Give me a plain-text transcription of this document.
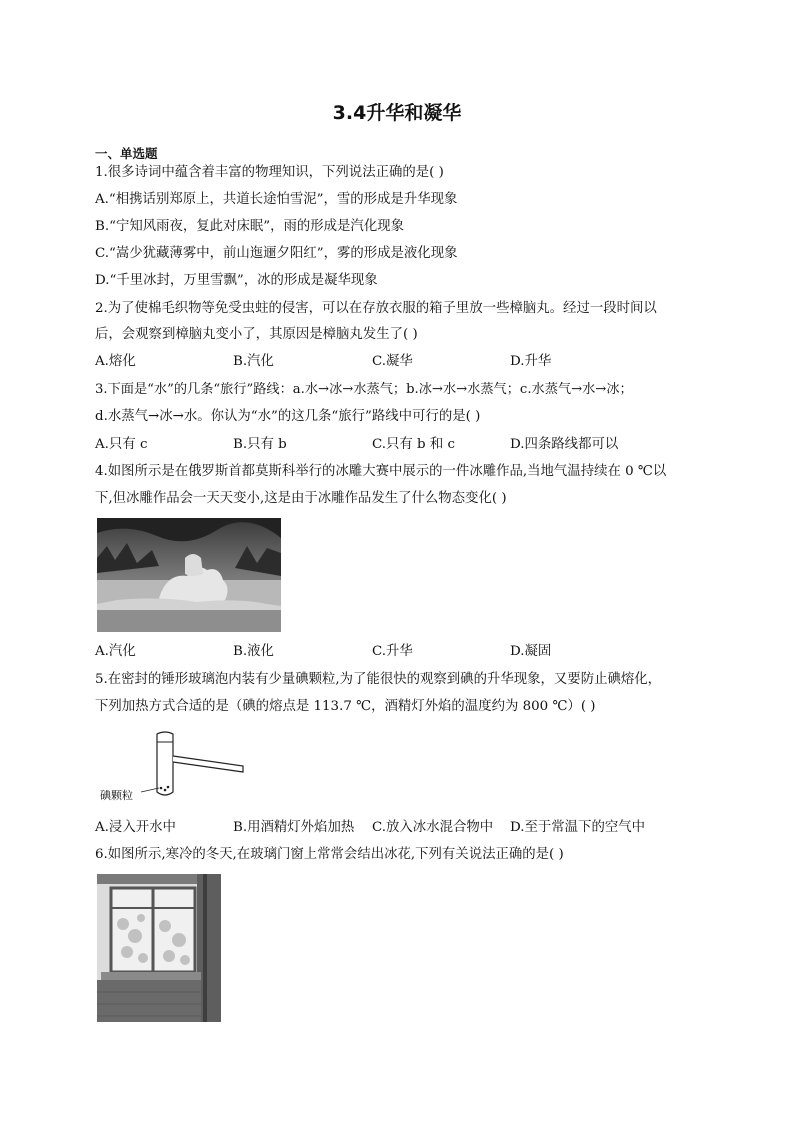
3.4升华和凝华
一、单选题
1.很多诗词中蕴含着丰富的物理知识，下列说法正确的是( )
A.“相携话别郑原上，共道长途怕雪泥”，雪的形成是升华现象
B.“宁知风雨夜，复此对床眠”，雨的形成是汽化现象
C.“嵩少犹藏薄雾中，前山迤逦夕阳红”，雾的形成是液化现象
D.“千里冰封，万里雪飘”，冰的形成是凝华现象
2.为了使棉毛织物等免受虫蛀的侵害，可以在存放衣服的箱子里放一些樟脑丸。经过一段时间以
后，会观察到樟脑丸变小了，其原因是樟脑丸发生了( )
A.熔化	B.汽化	C.凝华	D.升华
3.下面是“水”的几条“旅行”路线：a.水→冰→水蒸气；b.冰→水→水蒸气；c.水蒸气→水→冰；
d.水蒸气→冰→水。你认为“水”的这几条“旅行”路线中可行的是( )
A.只有 c	B.只有 b	C.只有 b 和 c	D.四条路线都可以
4.如图所示是在俄罗斯首都莫斯科举行的冰雕大赛中展示的一件冰雕作品,当地气温持续在 0 ℃以
下,但冰雕作品会一天天变小,这是由于冰雕作品发生了什么物态变化( )
A.汽化	B.液化	C.升华	D.凝固
5.在密封的锤形玻璃泡内装有少量碘颗粒,为了能很快的观察到碘的升华现象，又要防止碘熔化，
下列加热方式合适的是（碘的熔点是 113.7 ℃，酒精灯外焰的温度约为 800 ℃）( )
碘颗粒
A.浸入开水中	B.用酒精灯外焰加热 C.放入冰水混合物中 D.至于常温下的空气中
6.如图所示,寒冷的冬天,在玻璃门窗上常常会结出冰花,下列有关说法正确的是( )
